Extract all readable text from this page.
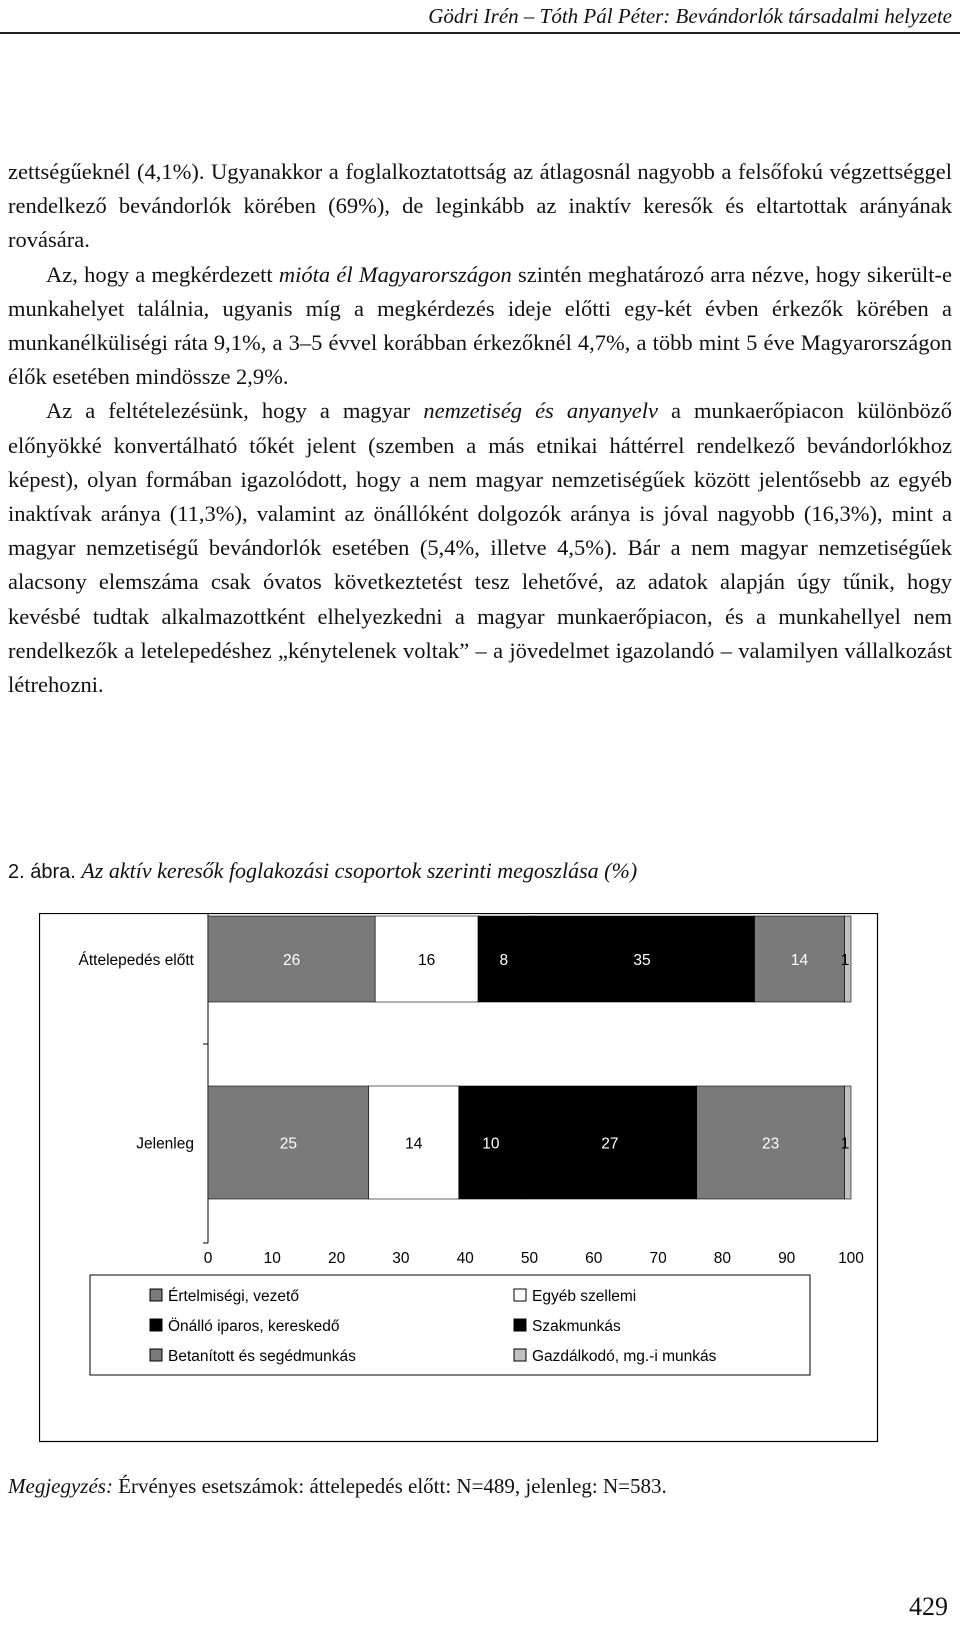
Gödri Irén – Tóth Pál Péter: Bevándorlók társadalmi helyzete

zettségűeknél (4,1%). Ugyanakkor a foglalkoztatottság az átlagosnál nagyobb a felsőfokú végzettséggel rendelkező bevándorlók körében (69%), de leginkább az inaktív keresők és eltartottak arányának rovására.

Az, hogy a megkérdezett mióta él Magyarországon szintén meghatározó arra nézve, hogy sikerült-e munkahelyet találnia, ugyanis míg a megkérdezés ideje előtti egy-két évben érkezők körében a munkanélküliségi ráta 9,1%, a 3–5 évvel korábban érkezőknél 4,7%, a több mint 5 éve Magyarországon élők esetében mindössze 2,9%.

Az a feltételezésünk, hogy a magyar nemzetiség és anyanyelv a munkaerőpiacon különböző előnyökké konvertálható tőkét jelent (szemben a más etnikai háttérrel rendelkező bevándorlókhoz képest), olyan formában igazolódott, hogy a nem magyar nemzetiségűek között jelentősebb az egyéb inaktívak aránya (11,3%), valamint az önállóként dolgozók aránya is jóval nagyobb (16,3%), mint a magyar nemzetiségű bevándorlók esetében (5,4%, illetve 4,5%). Bár a nem magyar nemzetiségűek alacsony elemszáma csak óvatos következtetést tesz lehetővé, az adatok alapján úgy tűnik, hogy kevésbé tudtak alkalmazottként elhelyezkedni a magyar munkaerőpiacon, és a munkahellyel nem rendelkezők a letelepedéshez „kénytelenek voltak” – a jövedelmet igazolandó – valamilyen vállalkozást létrehozni.

2. ábra. Az aktív keresők foglakozási csoportok szerinti megoszlása (%)
Áttelepedés előtt	26	16	8	35	14 1
Jelenleg	25	14	10	27	23	1
0	10	20	30	40	50	60	70	80	90	100
Értelmiségi, vezető	Egyéb szellemi
Önálló iparos, kereskedő	Szakmunkás
Betanított és segédmunkás	Gazdálkodó, mg.-i munkás
Megjegyzés: Érvényes esetszámok: áttelepedés előtt: N=489, jelenleg: N=583.
429
